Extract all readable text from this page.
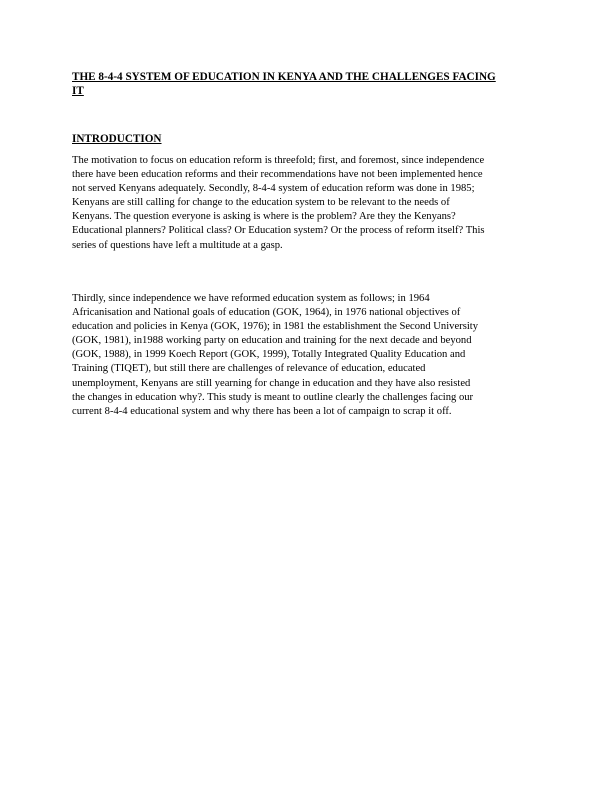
THE 8-4-4 SYSTEM OF EDUCATION IN KENYA AND THE CHALLENGES FACING
IT
INTRODUCTION

The motivation to focus on education reform is threefold; first, and foremost, since independence
there have been education reforms and their recommendations have not been implemented hence
not served Kenyans adequately. Secondly, 8-4-4 system of education reform was done in 1985;
Kenyans are still calling for change to the education system to be relevant to the needs of
Kenyans. The question everyone is asking is where is the problem? Are they the Kenyans?
Educational planners? Political class? Or Education system? Or the process of reform itself? This
series of questions have left a multitude at a gasp.

Thirdly, since independence we have reformed education system as follows; in 1964
Africanisation and National goals of education (GOK, 1964), in 1976 national objectives of
education and policies in Kenya (GOK, 1976); in 1981 the establishment the Second University
(GOK, 1981), in1988 working party on education and training for the next decade and beyond
(GOK, 1988), in 1999 Koech Report (GOK, 1999), Totally Integrated Quality Education and
Training (TIQET), but still there are challenges of relevance of education, educated
unemployment, Kenyans are still yearning for change in education and they have also resisted
the changes in education why?. This study is meant to outline clearly the challenges facing our
current 8-4-4 educational system and why there has been a lot of campaign to scrap it off.
